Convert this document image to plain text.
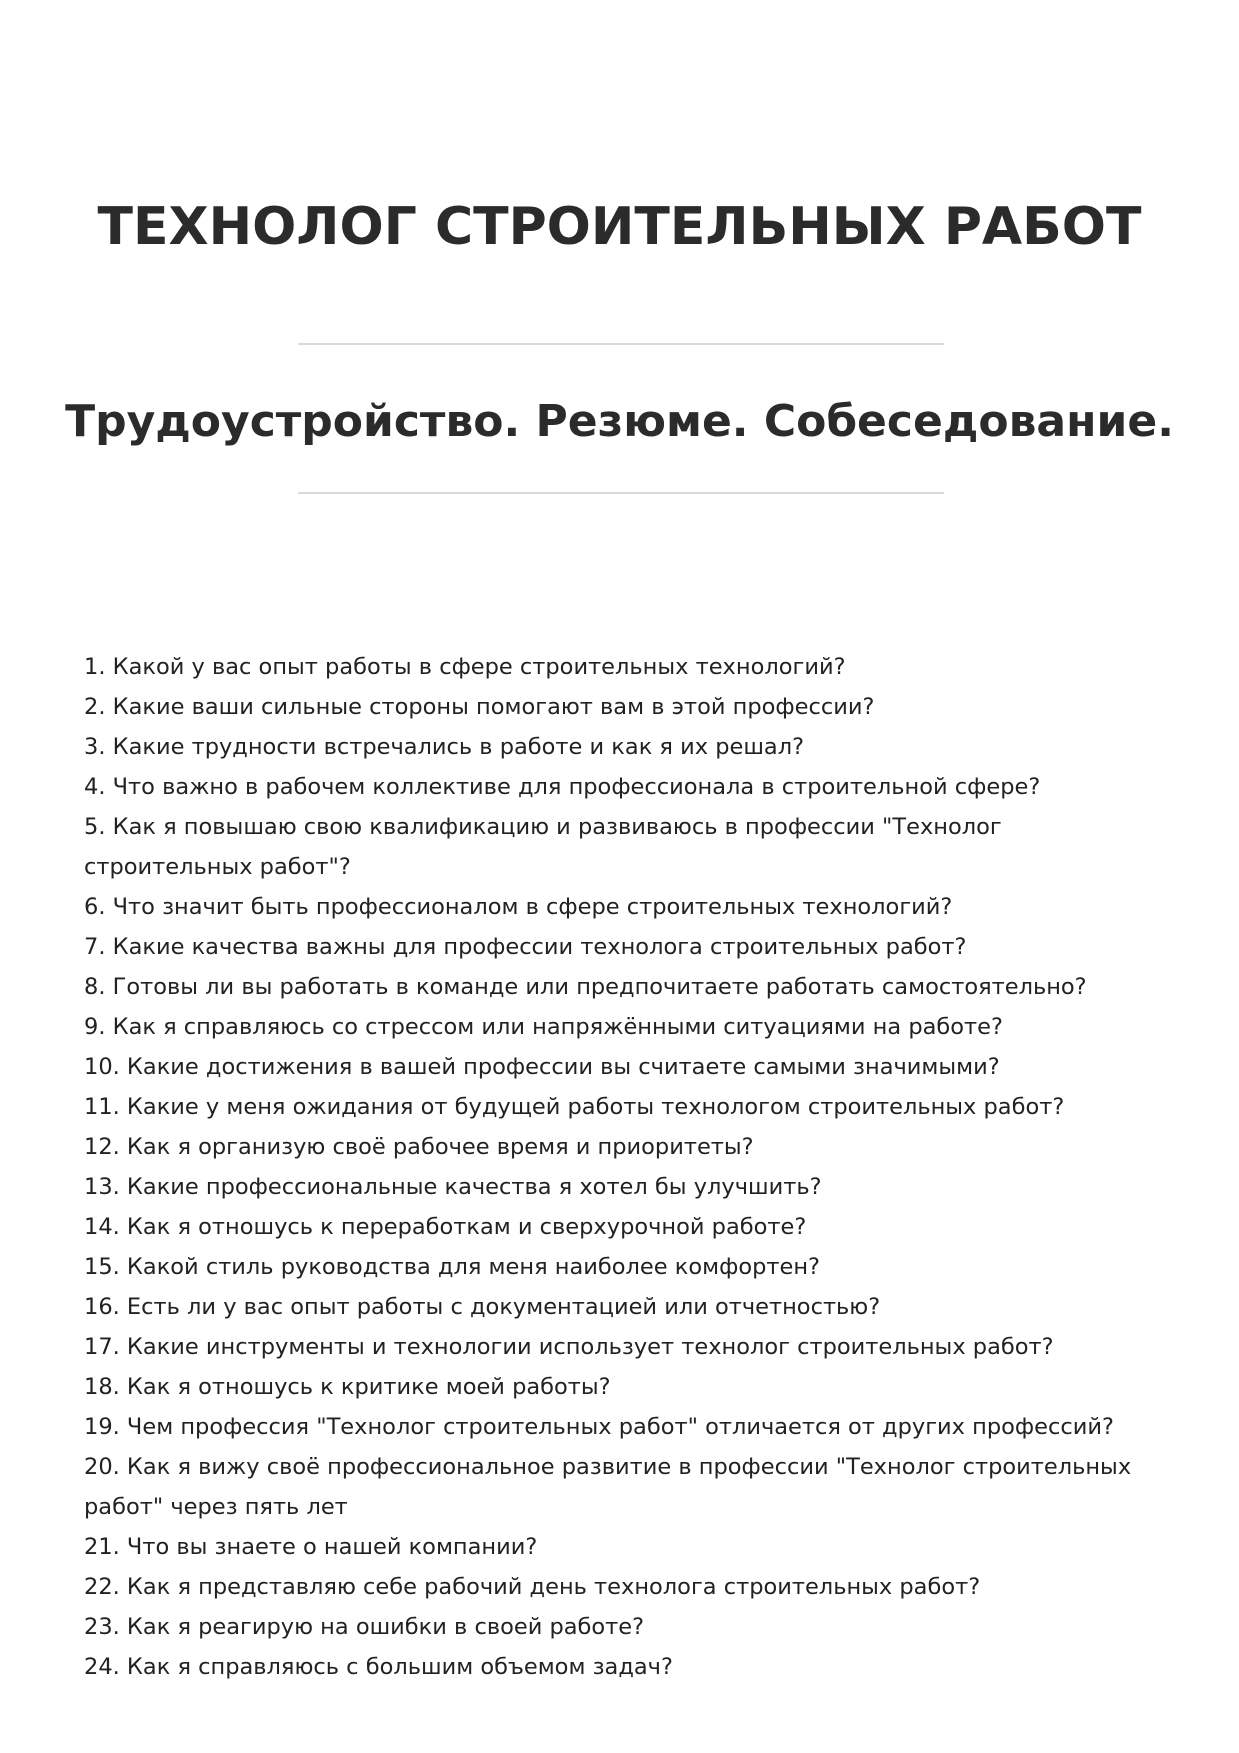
ТЕХНОЛОГ СТРОИТЕЛЬНЫХ РАБОТ
Трудоустройство. Резюме. Собеседование.
1. Какой у вас опыт работы в сфере строительных технологий?
2. Какие ваши сильные стороны помогают вам в этой профессии?
3. Какие трудности встречались в работе и как я их решал?
4. Что важно в рабочем коллективе для профессионала в строительной сфере?
5. Как я повышаю свою квалификацию и развиваюсь в профессии "Технолог строительных работ"?
6. Что значит быть профессионалом в сфере строительных технологий?
7. Какие качества важны для профессии технолога строительных работ?
8. Готовы ли вы работать в команде или предпочитаете работать самостоятельно?
9. Как я справляюсь со стрессом или напряжёнными ситуациями на работе?
10. Какие достижения в вашей профессии вы считаете самыми значимыми?
11. Какие у меня ожидания от будущей работы технологом строительных работ?
12. Как я организую своё рабочее время и приоритеты?
13. Какие профессиональные качества я хотел бы улучшить?
14. Как я отношусь к переработкам и сверхурочной работе?
15. Какой стиль руководства для меня наиболее комфортен?
16. Есть ли у вас опыт работы с документацией или отчетностью?
17. Какие инструменты и технологии использует технолог строительных работ?
18. Как я отношусь к критике моей работы?
19. Чем профессия "Технолог строительных работ" отличается от других профессий?
20. Как я вижу своё профессиональное развитие в профессии "Технолог строительных работ" через пять лет
21. Что вы знаете о нашей компании?
22. Как я представляю себе рабочий день технолога строительных работ?
23. Как я реагирую на ошибки в своей работе?
24. Как я справляюсь с большим объемом задач?
